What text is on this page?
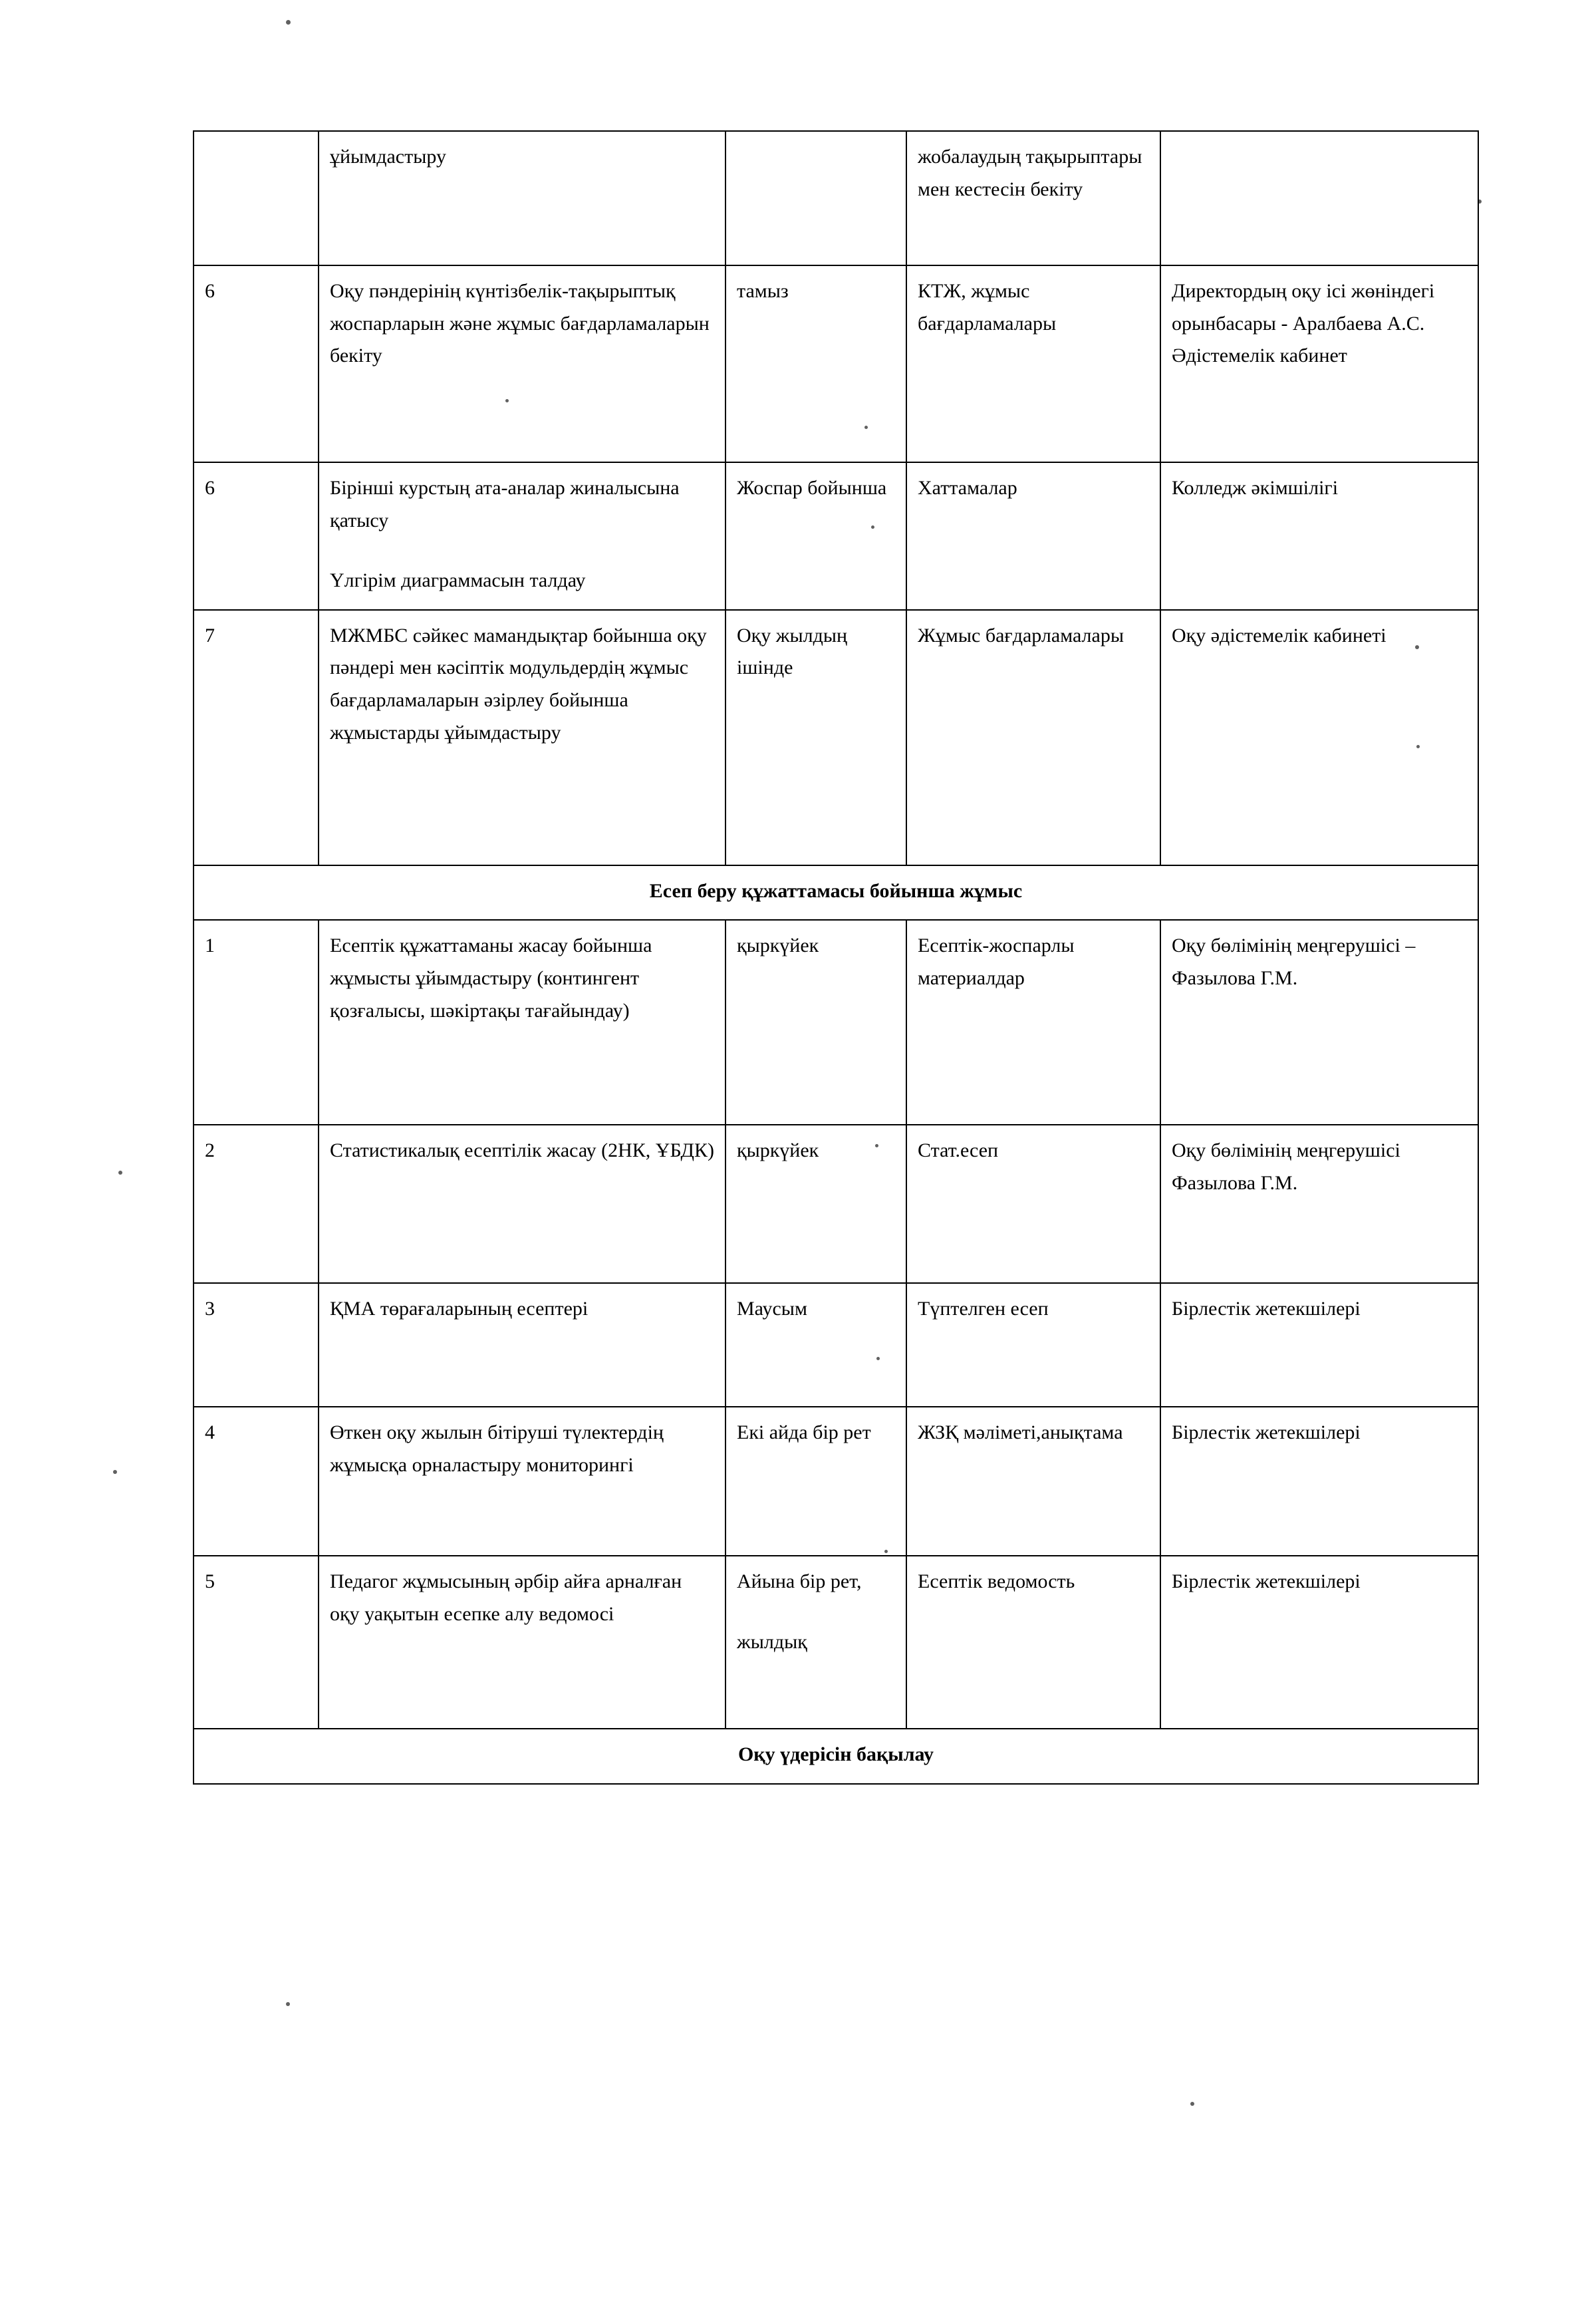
	ұйымдастыру		жобалаудың тақырыптары мен кестесін бекіту	

6	Оқу пәндерінің күнтізбелік-тақырыптық жоспарларын және жұмыс бағдарламаларын бекіту	тамыз	КТЖ, жұмыс бағдарламалары	Директордың оқу ісі жөніндегі орынбасары - Аралбаева А.С. Әдістемелік кабинет

6	Бірінші курстың ата-аналар жиналысына қатысу
Үлгірім диаграммасын талдау	Жоспар бойынша	Хаттамалар	Колледж әкімшілігі

7	МЖМБС сәйкес мамандықтар бойынша оқу пәндері мен кәсіптік модульдердің жұмыс бағдарламаларын әзірлеу бойынша жұмыстарды ұйымдастыру	Оқу жылдың ішінде	Жұмыс бағдарламалары	Оқу әдістемелік кабинеті

Есеп беру құжаттамасы бойынша жұмыс				

1	Есептік құжаттаманы жасау бойынша жұмысты ұйымдастыру (контингент қозғалысы, шәкіртақы тағайындау)	қыркүйек	Есептік-жоспарлы материалдар	Оқу бөлімінің меңгерушісі – Фазылова Г.М.

2	Статистикалық есептілік жасау (2НК, ҰБДК)	қыркүйек	Стат.есеп	Оқу бөлімінің меңгерушісі Фазылова Г.М.

3	ҚМА төрағаларының есептері	Маусым	Түптелген есеп	Бірлестік жетекшілері

4	Өткен оқу жылын бітіруші түлектердің жұмысқа орналастыру мониторингі	Екі айда бір рет	ЖЗҚ мәліметі,анықтама	Бірлестік жетекшілері

5	Педагог жұмысының әрбір айға арналған оқу уақытын есепке алу ведомосі	Айына бір рет,
жылдық	Есептік ведомость	Бірлестік жетекшілері

Оқу үдерісін бақылау				
